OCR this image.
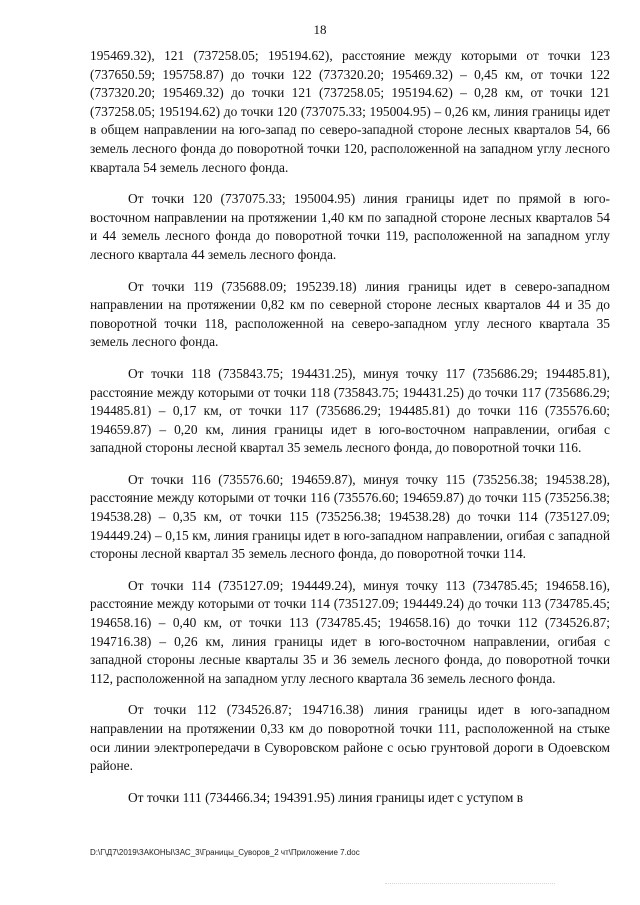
18

195469.32), 121 (737258.05; 195194.62), расстояние между которыми от точки 123 (737650.59; 195758.87) до точки 122 (737320.20; 195469.32) – 0,45 км, от точки 122 (737320.20; 195469.32) до точки 121 (737258.05; 195194.62) – 0,28 км, от точки 121 (737258.05; 195194.62) до точки 120 (737075.33; 195004.95) – 0,26 км, линия границы идет в общем направлении на юго-запад по северо-западной стороне лесных кварталов 54, 66 земель лесного фонда до поворотной точки 120, расположенной на западном углу лесного квартала 54 земель лесного фонда.

От точки 120 (737075.33; 195004.95) линия границы идет по прямой в юго-восточном направлении на протяжении 1,40 км по западной стороне лесных кварталов 54 и 44 земель лесного фонда до поворотной точки 119, расположенной на западном углу лесного квартала 44 земель лесного фонда.

От точки 119 (735688.09; 195239.18) линия границы идет в северо-западном направлении на протяжении 0,82 км по северной стороне лесных кварталов 44 и 35 до поворотной точки 118, расположенной на северо-западном углу лесного квартала 35 земель лесного фонда.

От точки 118 (735843.75; 194431.25), минуя точку 117 (735686.29; 194485.81), расстояние между которыми от точки 118 (735843.75; 194431.25) до точки 117 (735686.29; 194485.81) – 0,17 км, от точки 117 (735686.29; 194485.81) до точки 116 (735576.60; 194659.87) – 0,20 км, линия границы идет в юго-восточном направлении, огибая с западной стороны лесной квартал 35 земель лесного фонда, до поворотной точки 116.

От точки 116 (735576.60; 194659.87), минуя точку 115 (735256.38; 194538.28), расстояние между которыми от точки 116 (735576.60; 194659.87) до точки 115 (735256.38; 194538.28) – 0,35 км, от точки 115 (735256.38; 194538.28) до точки 114 (735127.09; 194449.24) – 0,15 км, линия границы идет в юго-западном направлении, огибая с западной стороны лесной квартал 35 земель лесного фонда, до поворотной точки 114.

От точки 114 (735127.09; 194449.24), минуя точку 113 (734785.45; 194658.16), расстояние между которыми от точки 114 (735127.09; 194449.24) до точки 113 (734785.45; 194658.16) – 0,40 км, от точки 113 (734785.45; 194658.16) до точки 112 (734526.87; 194716.38) – 0,26 км, линия границы идет в юго-восточном направлении, огибая с западной стороны лесные кварталы 35 и 36 земель лесного фонда, до поворотной точки 112, расположенной на западном углу лесного квартала 36 земель лесного фонда.

От точки 112 (734526.87; 194716.38) линия границы идет в юго-западном направлении на протяжении 0,33 км до поворотной точки 111, расположенной на стыке оси линии электропередачи в Суворовском районе с осью грунтовой дороги в Одоевском районе.

От точки 111 (734466.34; 194391.95) линия границы идет с уступом в

D:\Г\Д7\2019\ЗАКОНЫ\ЗАС_3\Границы_Суворов_2 чт\Приложение 7.doc
